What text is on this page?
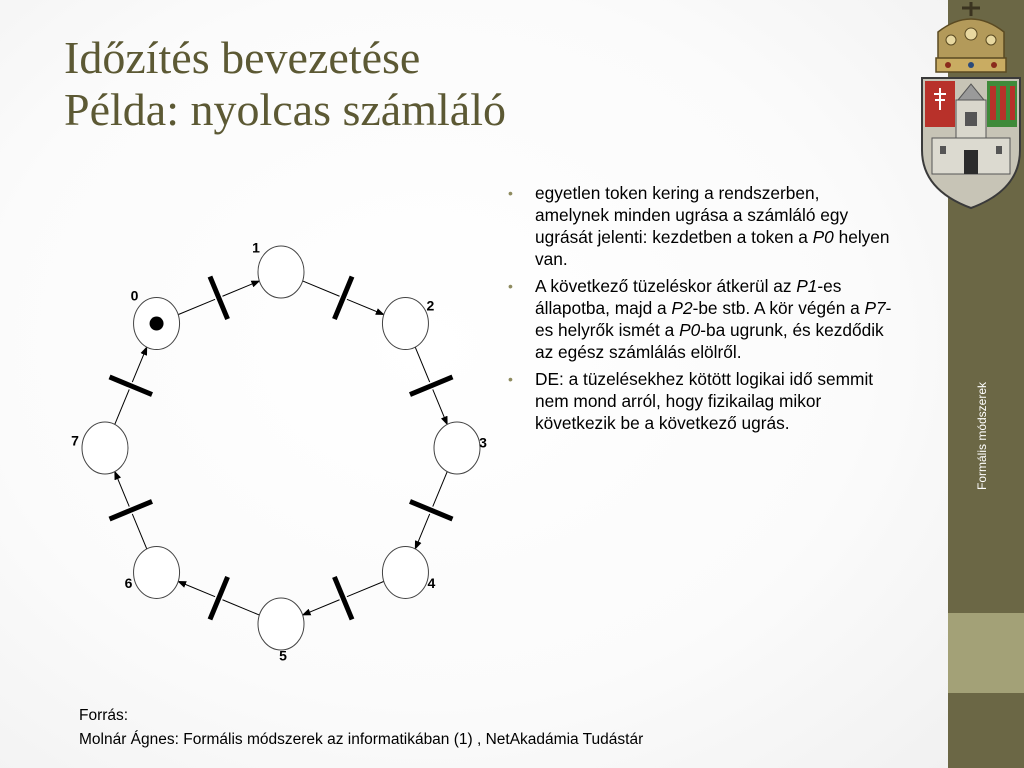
Időzítés bevezetése
Példa: nyolcas számláló
0
1
2
3
4
5
6
7
• egyetlen token kering a rendszerben, amelynek minden ugrása a számláló egy ugrását jelenti: kezdetben a token a P0 helyen van.
• A következő tüzeléskor átkerül az P1-es állapotba, majd a P2-be stb. A kör végén a P7-es helyrők ismét a P0-ba ugrunk, és kezdődik az egész számlálás elölről.
• DE: a tüzelésekhez kötött logikai idő semmit nem mond arról, hogy fizikailag mikor következik be a következő ugrás.
Forrás:
Molnár Ágnes: Formális módszerek az informatikában (1) , NetAkadámia Tudástár
Formális módszerek
